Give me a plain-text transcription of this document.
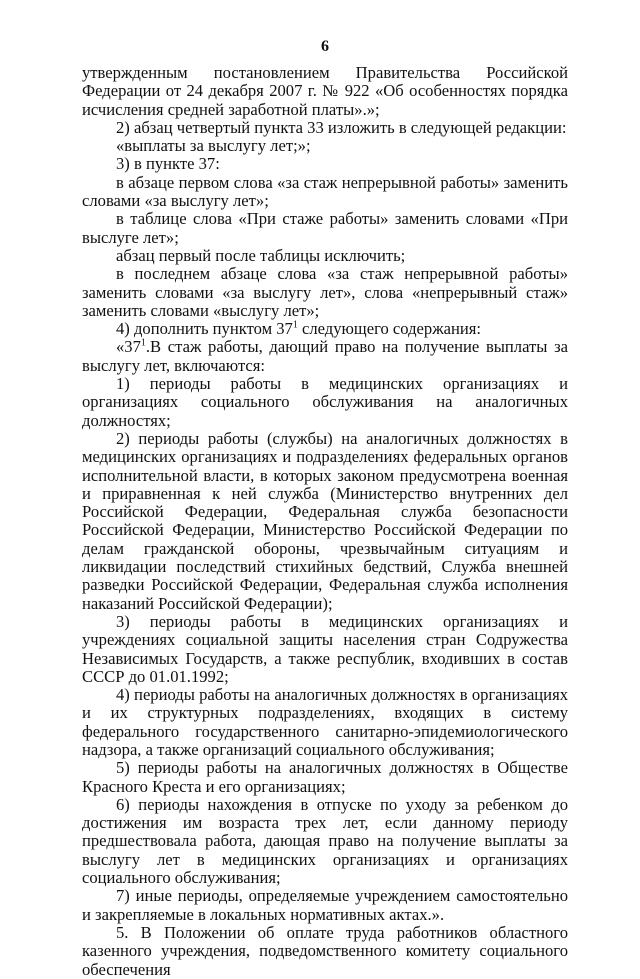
6

утвержденным постановлением Правительства Российской Федерации от 24 декабря 2007 г. № 922 «Об особенностях порядка исчисления средней заработной платы».»;

2) абзац четвертый пункта 33 изложить в следующей редакции:

«выплаты за выслугу лет;»;

3) в пункте 37:

в абзаце первом слова «за стаж непрерывной работы» заменить словами «за выслугу лет»;

в таблице слова «При стаже работы» заменить словами «При выслуге лет»;

абзац первый после таблицы исключить;

в последнем абзаце слова «за стаж непрерывной работы» заменить словами «за выслугу лет», слова «непрерывный стаж» заменить словами «выслугу лет»;

4) дополнить пунктом $37^1$ следующего содержания:

«$37^1.В$ стаж работы, дающий право на получение выплаты за выслугу лет, включаются:

1) периоды работы в медицинских организациях и организациях социального обслуживания на аналогичных должностях;

2) периоды работы (службы) на аналогичных должностях в медицинских организациях и подразделениях федеральных органов исполнительной власти, в которых законом предусмотрена военная и приравненная к ней служба (Министерство внутренних дел Российской Федерации, Федеральная служба безопасности Российской Федерации, Министерство Российской Федерации по делам гражданской обороны, чрезвычайным ситуациям и ликвидации последствий стихийных бедствий, Служба внешней разведки Российской Федерации, Федеральная служба исполнения наказаний Российской Федерации);

3) периоды работы в медицинских организациях и учреждениях социальной защиты населения стран Содружества Независимых Государств, а также республик, входивших в состав СССР до 01.01.1992;

4) периоды работы на аналогичных должностях в организациях и их структурных подразделениях, входящих в систему федерального государственного санитарно-эпидемиологического надзора, а также организаций социального обслуживания;

5) периоды работы на аналогичных должностях в Обществе Красного Креста и его организациях;

6) периоды нахождения в отпуске по уходу за ребенком до достижения им возраста трех лет, если данному периоду предшествовала работа, дающая право на получение выплаты за выслугу лет в медицинских организациях и организациях социального обслуживания;

7) иные периоды, определяемые учреждением самостоятельно и закрепляемые в локальных нормативных актах.».

5. В Положении об оплате труда работников областного казенного учреждения, подведомственного комитету социального обеспечения
